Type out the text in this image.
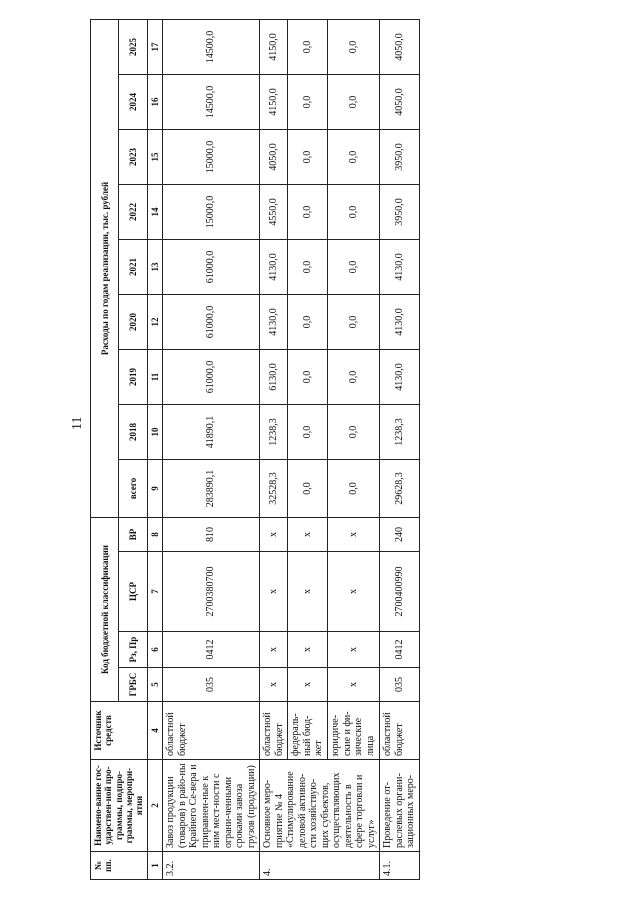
11
№ пп.	Наимено-вание гос-ударствен-ной про-граммы, подпро-граммы, меропри-ятия	Источник средств	Код бюджетной классификации				Расходы по годам реализации, тыс. рублей								
			ГРБС	Рз, Пр	ЦСР	ВР	всего	2018	2019	2020	2021	2022	2023	2024	2025
1	2	4	5	6	7	8	9	10	11	12	13	14	15	16	17
3.2.	Завоз продукции (товаров) в райо-ны Крайнего Се-вера и приравнен-ные к ним мест-ности с ограни-ченными сроками завоза грузов (продукции)	областной бюджет	035	0412	2700380700	810	283890,1	41890,1	61000,0	61000,0	61000,0	15000,0	15000,0	14500,0	14500,0
4.	Основное меро-приятие № 4 «Стимулирование деловой активно-сти хозяйствую-щих субъектов, осуществляющих деятельность в сфере торговли и услуг»	областной бюджет	х	х	х	х	32528,3	1238,3	6130,0	4130,0	4130,0	4550,0	4050,0	4150,0	4150,0
		федераль-ный бюд-жет	х	х	х	х	0,0	0,0	0,0	0,0	0,0	0,0	0,0	0,0	0,0
		юридиче-ские и фи-зические лица	х	х	х	х	0,0	0,0	0,0	0,0	0,0	0,0	0,0	0,0	0,0
4.1.	Проведение от-раслевых органи-зационных меро-	областной бюджет	035	0412	2700400990	240	29628,3	1238,3	4130,0	4130,0	4130,0	3950,0	3950,0	4050,0	4050,0
